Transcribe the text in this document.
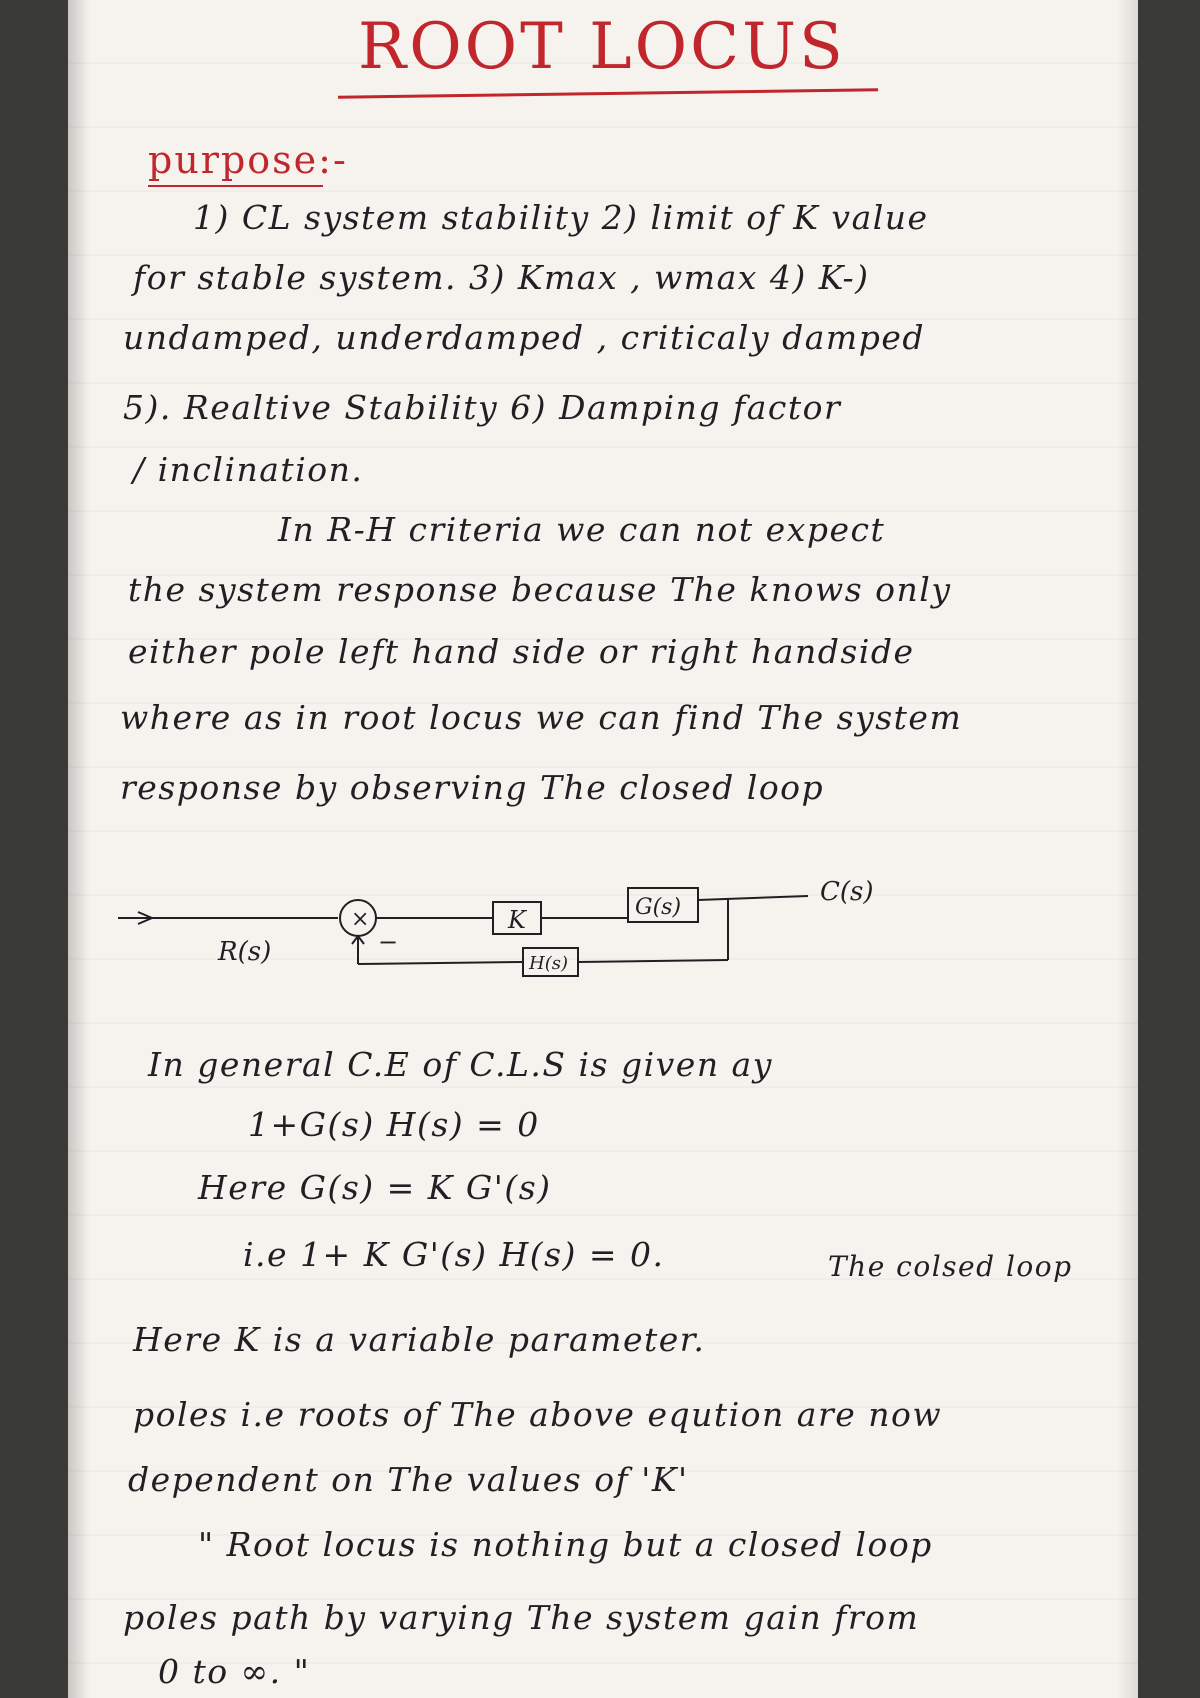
ROOT LOCUS
purpose:-
1) CL system stability 2) limit of K value
for stable system. 3) Kmax , wmax 4) K-)
undamped, underdamped , criticaly damped
5). Realtive Stability 6) Damping factor
/ inclination.
In R-H criteria we can not expect
the system response because The knows only
either pole left hand side or right handside
where as in root locus we can find The system
response by observing The closed loop
×
−
K	G(s)
H(s)
R(s)
C(s)
In general C.E of C.L.S is given ay
1+G(s) H(s) = 0
Here G(s) = K G'(s)
i.e 1+ K G'(s) H(s) = 0.	The colsed loop
Here K is a variable parameter.
poles i.e roots of The above eqution are now
dependent on The values of 'K'
" Root locus is nothing but a closed loop
poles path by varying The system gain from
0 to ∞. "
